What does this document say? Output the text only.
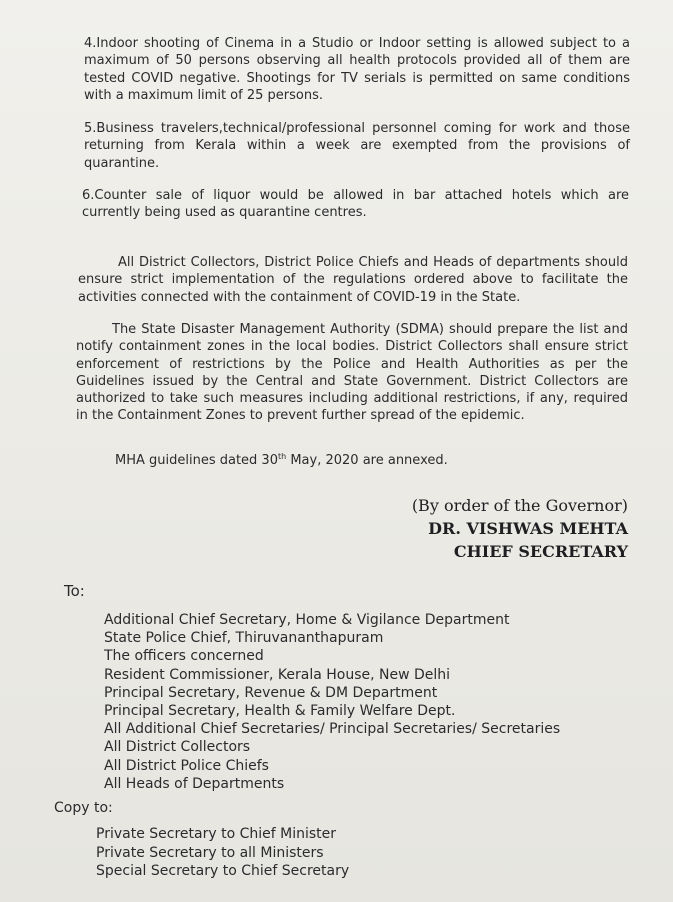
4.Indoor shooting of Cinema in a Studio or Indoor setting is allowed subject to a
maximum of 50 persons observing all health protocols provided all of them are
tested COVID negative. Shootings for TV serials is permitted on same conditions
with a maximum limit of 25 persons.
5.Business travelers,technical/professional personnel coming for work and those
returning from Kerala within a week are exempted from the provisions of
quarantine.
6.Counter sale of liquor would be allowed in bar attached hotels which are
currently being used as quarantine centres.
All District Collectors, District Police Chiefs and Heads of departments should
ensure strict implementation of the regulations ordered above to facilitate the
activities connected with the containment of COVID-19 in the State.
The State Disaster Management Authority (SDMA) should prepare the list and
notify containment zones in the local bodies. District Collectors shall ensure strict
enforcement of restrictions by the Police and Health Authorities as per the
Guidelines issued by the Central and State Government. District Collectors are
authorized to take such measures including additional restrictions, if any, required
in the Containment Zones to prevent further spread of the epidemic.
MHA guidelines dated 30th May, 2020 are annexed.
(By order of the Governor)
DR. VISHWAS MEHTA
CHIEF SECRETARY
To:
Additional Chief Secretary, Home & Vigilance Department
State Police Chief, Thiruvananthapuram
The officers concerned
Resident Commissioner, Kerala House, New Delhi
Principal Secretary, Revenue & DM Department
Principal Secretary, Health & Family Welfare Dept.
All Additional Chief Secretaries/ Principal Secretaries/ Secretaries
All District Collectors
All District Police Chiefs
All Heads of Departments
Copy to:
Private Secretary to Chief Minister
Private Secretary to all Ministers
Special Secretary to Chief Secretary
